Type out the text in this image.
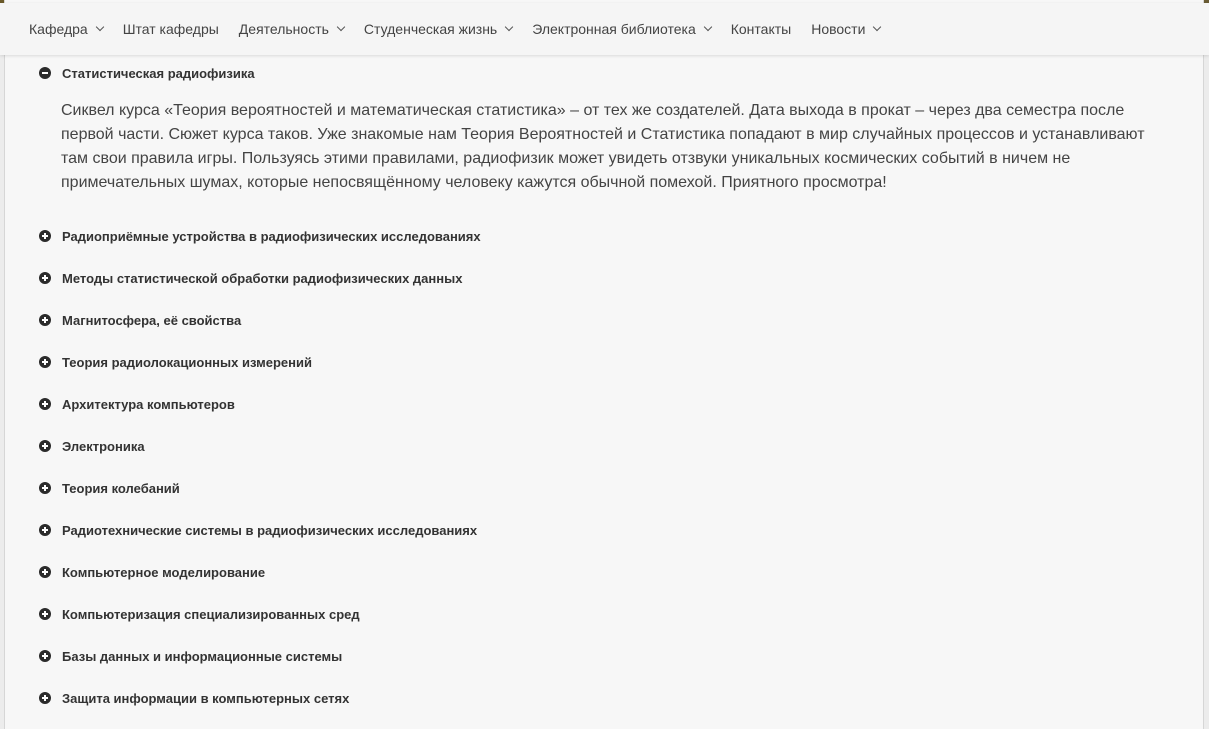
Статистическая радиофизика
Сиквел курса «Теория вероятностей и математическая статистика» – от тех же создателей. Дата выхода в прокат – через два семестра после первой части. Сюжет курса таков. Уже знакомые нам Теория Вероятностей и Статистика попадают в мир случайных процессов и устанавливают там свои правила игры. Пользуясь этими правилами, радиофизик может увидеть отзвуки уникальных космических событий в ничем не примечательных шумах, которые непосвящённому человеку кажутся обычной помехой. Приятного просмотра!
Радиоприёмные устройства в радиофизических исследованиях
Методы статистической обработки радиофизических данных
Магнитосфера, её свойства
Теория радиолокационных измерений
Архитектура компьютеров
Электроника
Теория колебаний
Радиотехнические системы в радиофизических исследованиях
Компьютерное моделирование
Компьютеризация специализированных сред
Базы данных и информационные системы
Защита информации в компьютерных сетях
Кафедра	Штат кафедры Деятельность	Студенческая жизнь	Электронная библиотека	Контакты Новости
